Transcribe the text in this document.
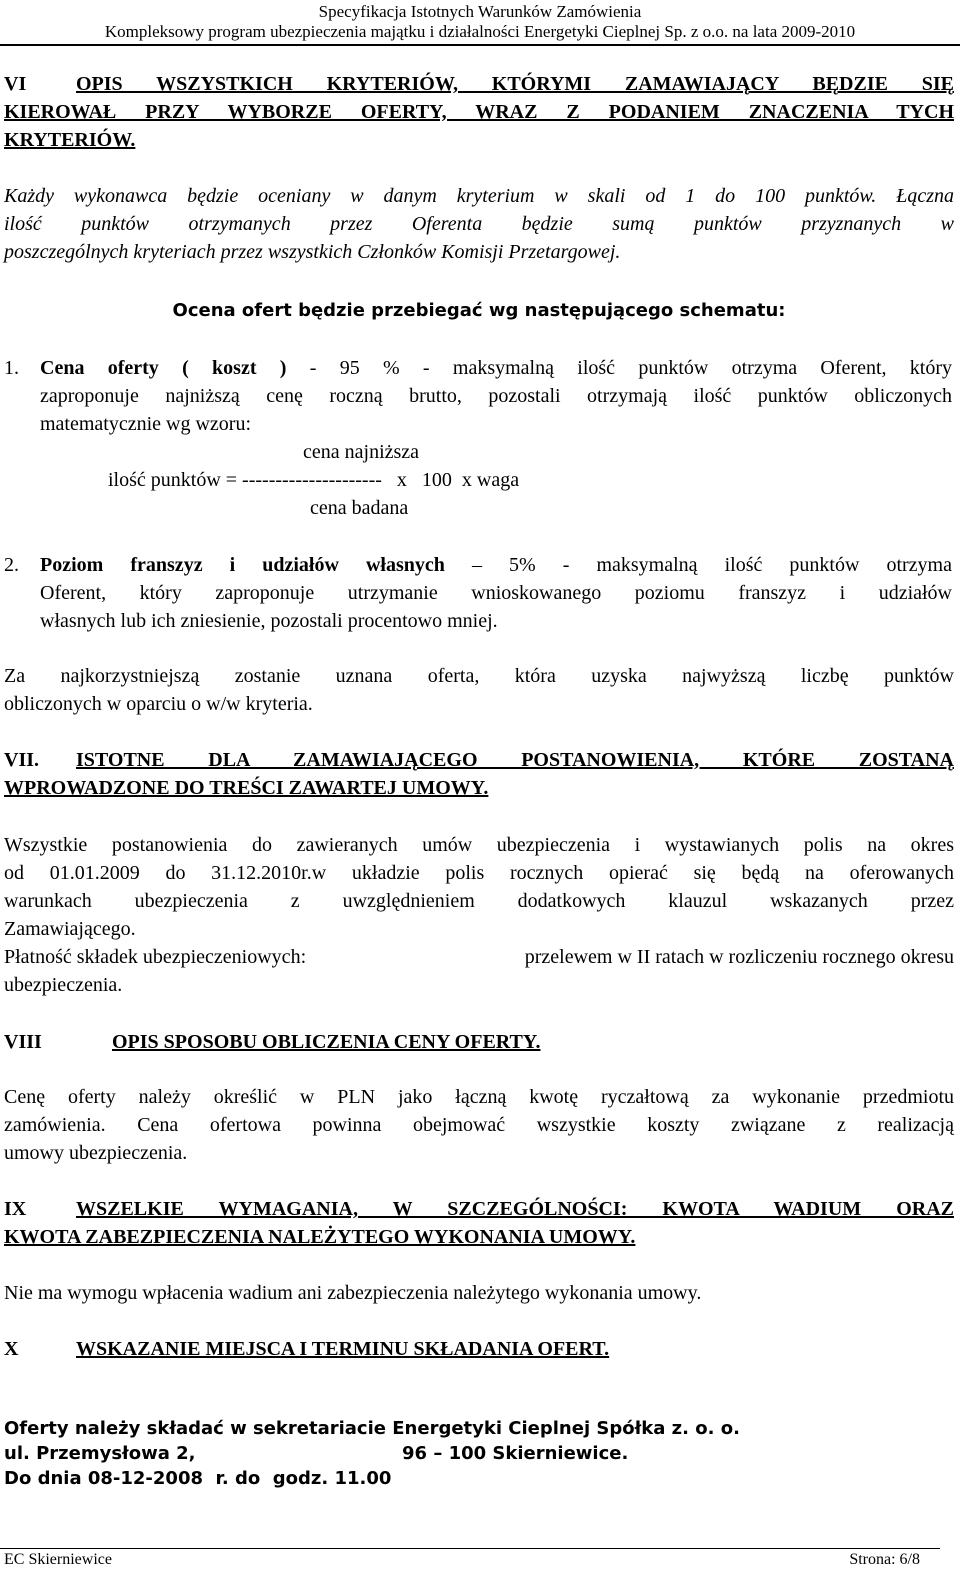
Specyfikacja Istotnych Warunków Zamówienia
Kompleksowy program ubezpieczenia majątku i działalności Energetyki Cieplnej Sp. z o.o. na lata 2009-2010
VI OPIS WSZYSTKICH KRYTERIÓW, KTÓRYMI ZAMAWIAJĄCY BĘDZIE SIĘ
KIEROWAŁ PRZY WYBORZE OFERTY, WRAZ Z PODANIEM ZNACZENIA TYCH
KRYTERIÓW.
Każdy wykonawca będzie oceniany w danym kryterium w skali od 1 do 100 punktów. Łączna
ilość punktów otrzymanych przez Oferenta będzie sumą punktów przyznanych w
poszczególnych kryteriach przez wszystkich Członków Komisji Przetargowej.
Ocena ofert będzie przebiegać wg następującego schematu:
1. Cena oferty ( koszt ) - 95 % - maksymalną ilość punktów otrzyma Oferent, który
zaproponuje najniższą cenę roczną brutto, pozostali otrzymają ilość punktów obliczonych
matematycznie wg wzoru:
cena najniższa
ilość punktów = ---------------------   x   100  x waga
cena badana
2. Poziom franszyz i udziałów własnych – 5% - maksymalną ilość punktów otrzyma
Oferent, który zaproponuje utrzymanie wnioskowanego poziomu franszyz i udziałów
własnych lub ich zniesienie, pozostali procentowo mniej.
Za najkorzystniejszą zostanie uznana oferta, która uzyska najwyższą liczbę punktów
obliczonych w oparciu o w/w kryteria.
VII. ISTOTNE DLA ZAMAWIAJĄCEGO POSTANOWIENIA, KTÓRE ZOSTANĄ
WPROWADZONE DO TREŚCI ZAWARTEJ UMOWY.
Wszystkie postanowienia do zawieranych umów ubezpieczenia i wystawianych polis na okres
od 01.01.2009 do 31.12.2010r.w układzie polis rocznych opierać się będą na oferowanych
warunkach ubezpieczenia z uwzględnieniem dodatkowych klauzul wskazanych przez
Zamawiającego.
Płatność składek ubezpieczeniowych:	przelewem w II ratach w rozliczeniu rocznego okresu
ubezpieczenia.
VIII	OPIS SPOSOBU OBLICZENIA CENY OFERTY.
Cenę oferty należy określić w PLN jako łączną kwotę ryczałtową za wykonanie przedmiotu
zamówienia. Cena ofertowa powinna obejmować wszystkie koszty związane z realizacją
umowy ubezpieczenia.
IX WSZELKIE WYMAGANIA, W SZCZEGÓLNOŚCI: KWOTA WADIUM ORAZ
KWOTA ZABEZPIECZENIA NALEŻYTEGO WYKONANIA UMOWY.
Nie ma wymogu wpłacenia wadium ani zabezpieczenia należytego wykonania umowy.
X	WSKAZANIE MIEJSCA I TERMINU SKŁADANIA OFERT.
Oferty należy składać w sekretariacie Energetyki Cieplnej Spółka z. o. o.
ul. Przemysłowa 2,	96 – 100 Skierniewice.
Do dnia 08-12-2008  r. do  godz. 11.00
EC Skierniewice	Strona: 6/8
